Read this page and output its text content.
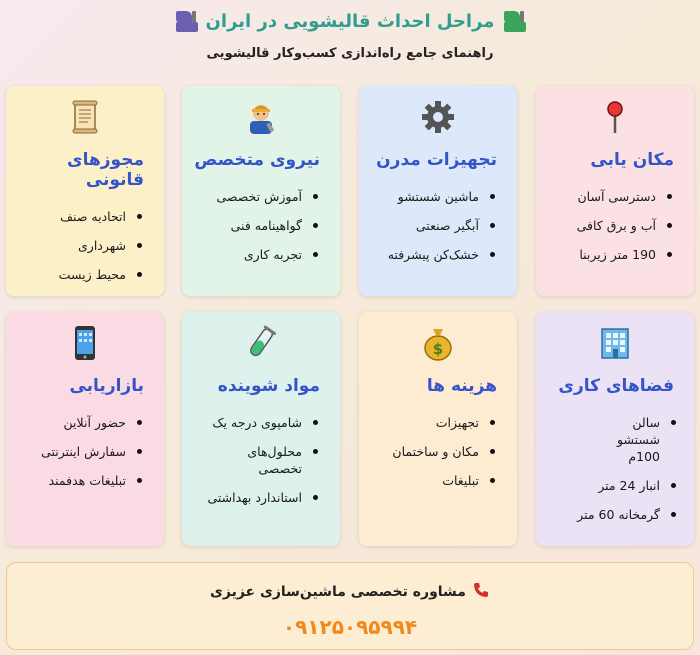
مراحل احداث قالیشویی در ایران
راهنمای جامع راه‌اندازی کسب‌وکار قالیشویی
مکان یابی
دسترسی آسان
آب و برق کافی
190 متر زیربنا
تجهیزات مدرن
ماشین شستشو
آبگیر صنعتی
خشک‌کن پیشرفته
نیروی متخصص
آموزش تخصصی
گواهینامه فنی
تجربه کاری
مجوزهای قانونی
اتحادیه صنف
شهرداری
محیط زیست
فضاهای کاری
سالن شستشو 100م
انبار 24 متر
گرمخانه 60 متر
$
هزینه ها
تجهیزات
مکان و ساختمان
تبلیغات
مواد شوینده
شامپوی درجه یک
محلول‌های تخصصی
استاندارد بهداشتی
بازاریابی
حضور آنلاین
سفارش اینترنتی
تبلیغات هدفمند
مشاوره تخصصی ماشین‌سازی عزیزی
۰۹۱۲۵۰۹۵۹۹۴
